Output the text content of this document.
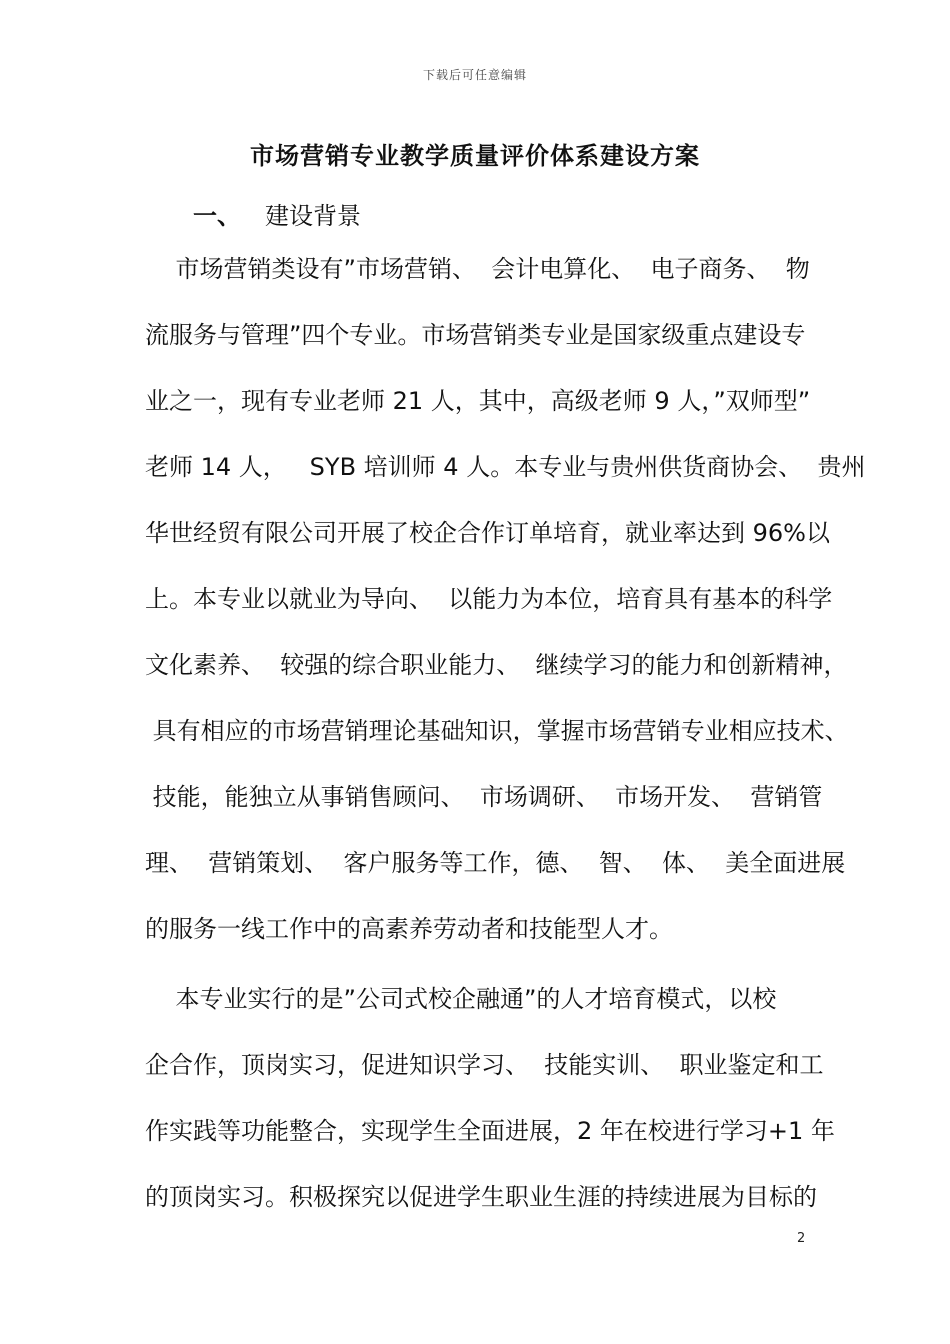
下载后可任意编辑
市场营销专业教学质量评价体系建设方案
一、 建设背景
市场营销类设有”市场营销、  会计电算化、  电子商务、  物
流服务与管理”四个专业。市场营销类专业是国家级重点建设专
业之一，现有专业老师 21 人，其中，高级老师 9 人，”双师型”
老师 14 人，   SYB 培训师 4 人。本专业与贵州供货商协会、  贵州
华世经贸有限公司开展了校企合作订单培育，就业率达到 96%以
上。本专业以就业为导向、  以能力为本位，培育具有基本的科学
文化素养、  较强的综合职业能力、  继续学习的能力和创新精神，
具有相应的市场营销理论基础知识，掌握市场营销专业相应技术、
技能，能独立从事销售顾问、  市场调研、  市场开发、  营销管
理、  营销策划、  客户服务等工作，德、  智、  体、  美全面进展
的服务一线工作中的高素养劳动者和技能型人才。
本专业实行的是”公司式校企融通”的人才培育模式，以校
企合作，顶岗实习，促进知识学习、  技能实训、  职业鉴定和工
作实践等功能整合，实现学生全面进展，2 年在校进行学习+1 年
的顶岗实习。积极探究以促进学生职业生涯的持续进展为目标的
2
